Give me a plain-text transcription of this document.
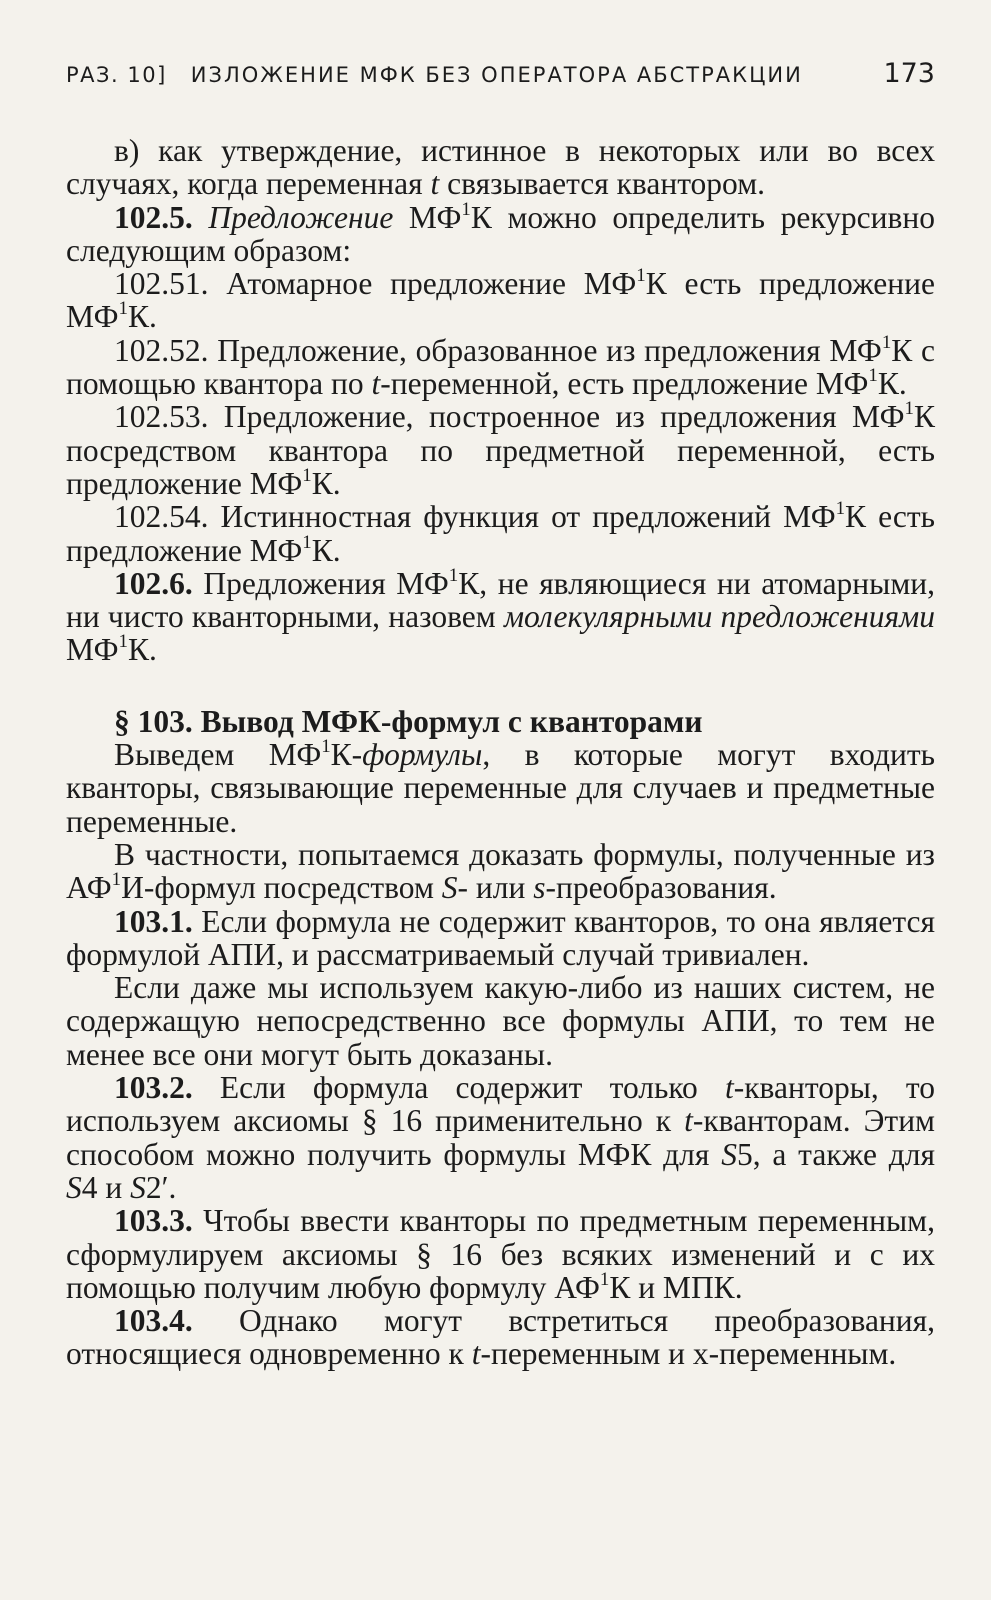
РАЗ. 10] ИЗЛОЖЕНИЕ МФК БЕЗ ОПЕРАТОРА АБСТРАКЦИИ	173

в) как утверждение, истинное в некоторых или во всех случаях, когда переменная t связывается квантором.

102.5. Предложение $МФ^1К$ можно определить рекурсивно следующим образом:

102.51. Атомарное предложение $МФ^1К$ есть предложение $МФ^1К$.

102.52. Предложение, образованное из предложения $МФ^1К$ с помощью квантора по t-переменной, есть предложение $МФ^1К$.

102.53. Предложение, построенное из предложения $МФ^1К$ посредством квантора по предметной переменной, есть предложение $МФ^1К$.

102.54. Истинностная функция от предложений $МФ^1К$ есть предложение $МФ^1К$.

102.6. Предложения $МФ^1К$, не являющиеся ни атомарными, ни чисто кванторными, назовем молекулярными предложениями $МФ^1К$.

§ 103. Вывод МФК-формул с кванторами

Выведем $МФ^1К$-формулы, в которые могут входить кванторы, связывающие переменные для случаев и предметные переменные.

В частности, попытаемся доказать формулы, полученные из $АФ^1И$-формул посредством S- или s-преобразования.

103.1. Если формула не содержит кванторов, то она является формулой АПИ, и рассматриваемый случай тривиален.

Если даже мы используем какую-либо из наших систем, не содержащую непосредственно все формулы АПИ, то тем не менее все они могут быть доказаны.

103.2. Если формула содержит только t-кванторы, то используем аксиомы § 16 применительно к t-кванторам. Этим способом можно получить формулы МФК для S5, а также для S4 и S2′.

103.3. Чтобы ввести кванторы по предметным переменным, сформулируем аксиомы § 16 без всяких изменений и с их помощью получим любую формулу $АФ^1К$ и МПК.

103.4. Однако могут встретиться преобразования, относящиеся одновременно к t-переменным и х-переменным.
